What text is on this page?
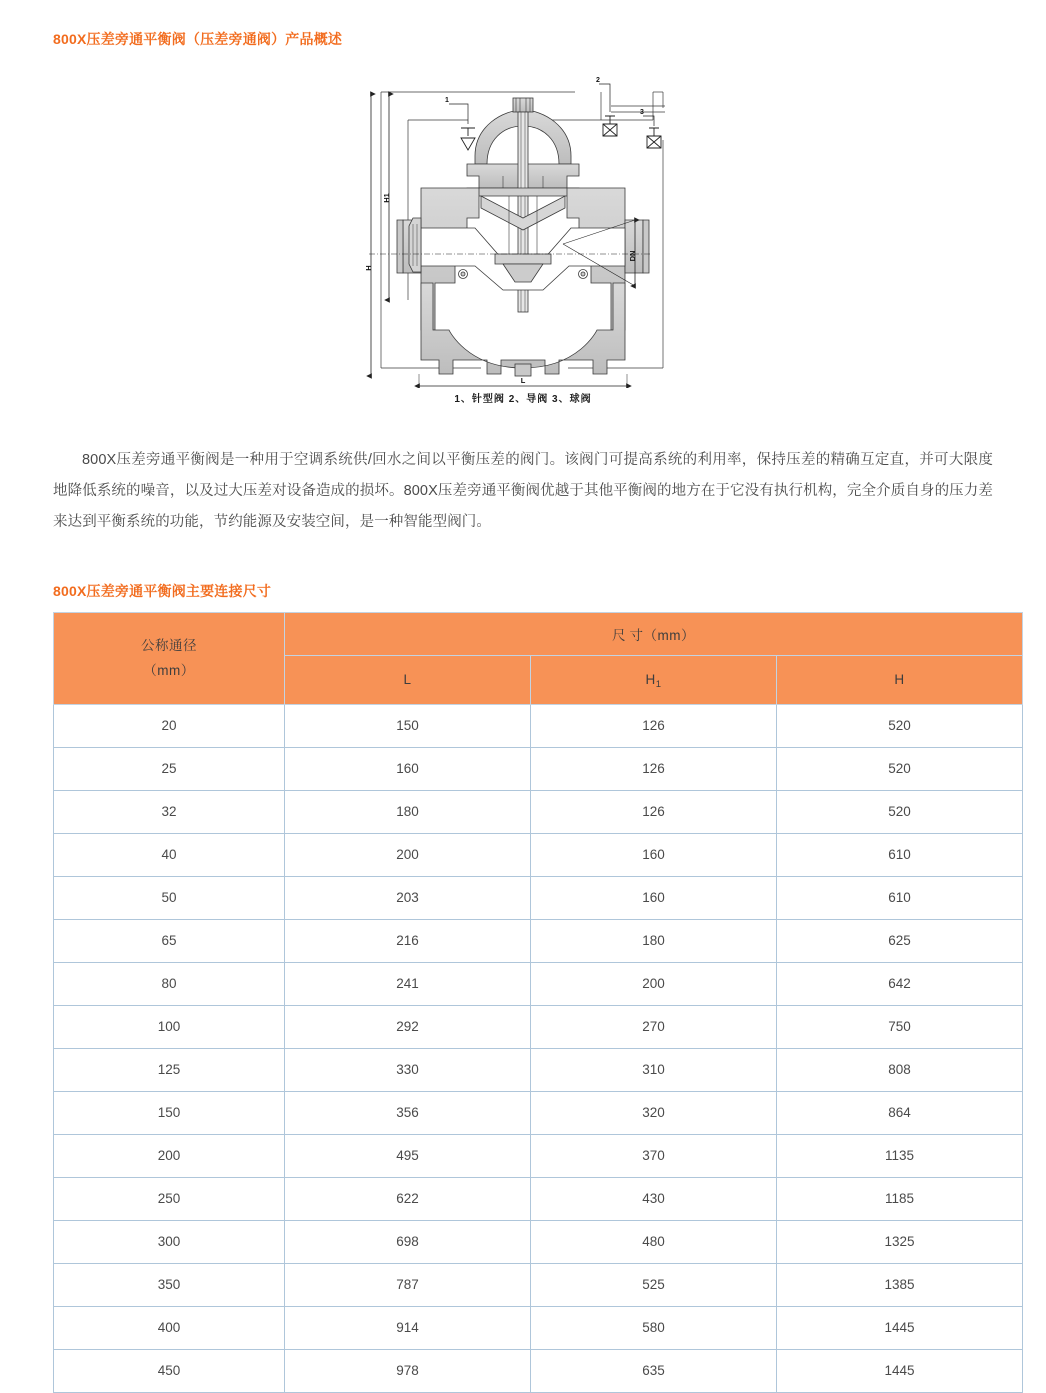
800X压差旁通平衡阀（压差旁通阀）产品概述
1
2
3
H
H1
DN
L
1、针型阀 2、导阀 3、球阀

800X压差旁通平衡阀是一种用于空调系统供/回水之间以平衡压差的阀门。该阀门可提高系统的利用率，保持压差的精确互定直，并可大限度地降低系统的噪音，以及过大压差对设备造成的损坏。800X压差旁通平衡阀优越于其他平衡阀的地方在于它没有执行机构，完全介质自身的压力差来达到平衡系统的功能，节约能源及安装空间，是一种智能型阀门。

800X压差旁通平衡阀主要连接尺寸
公称通径
（mm）	尺寸（mm）		
	L	$H_1$	H
20	150	126	520
25	160	126	520
32	180	126	520
40	200	160	610
50	203	160	610
65	216	180	625
80	241	200	642
100	292	270	750
125	330	310	808
150	356	320	864
200	495	370	1135
250	622	430	1185
300	698	480	1325
350	787	525	1385
400	914	580	1445
450	978	635	1445
